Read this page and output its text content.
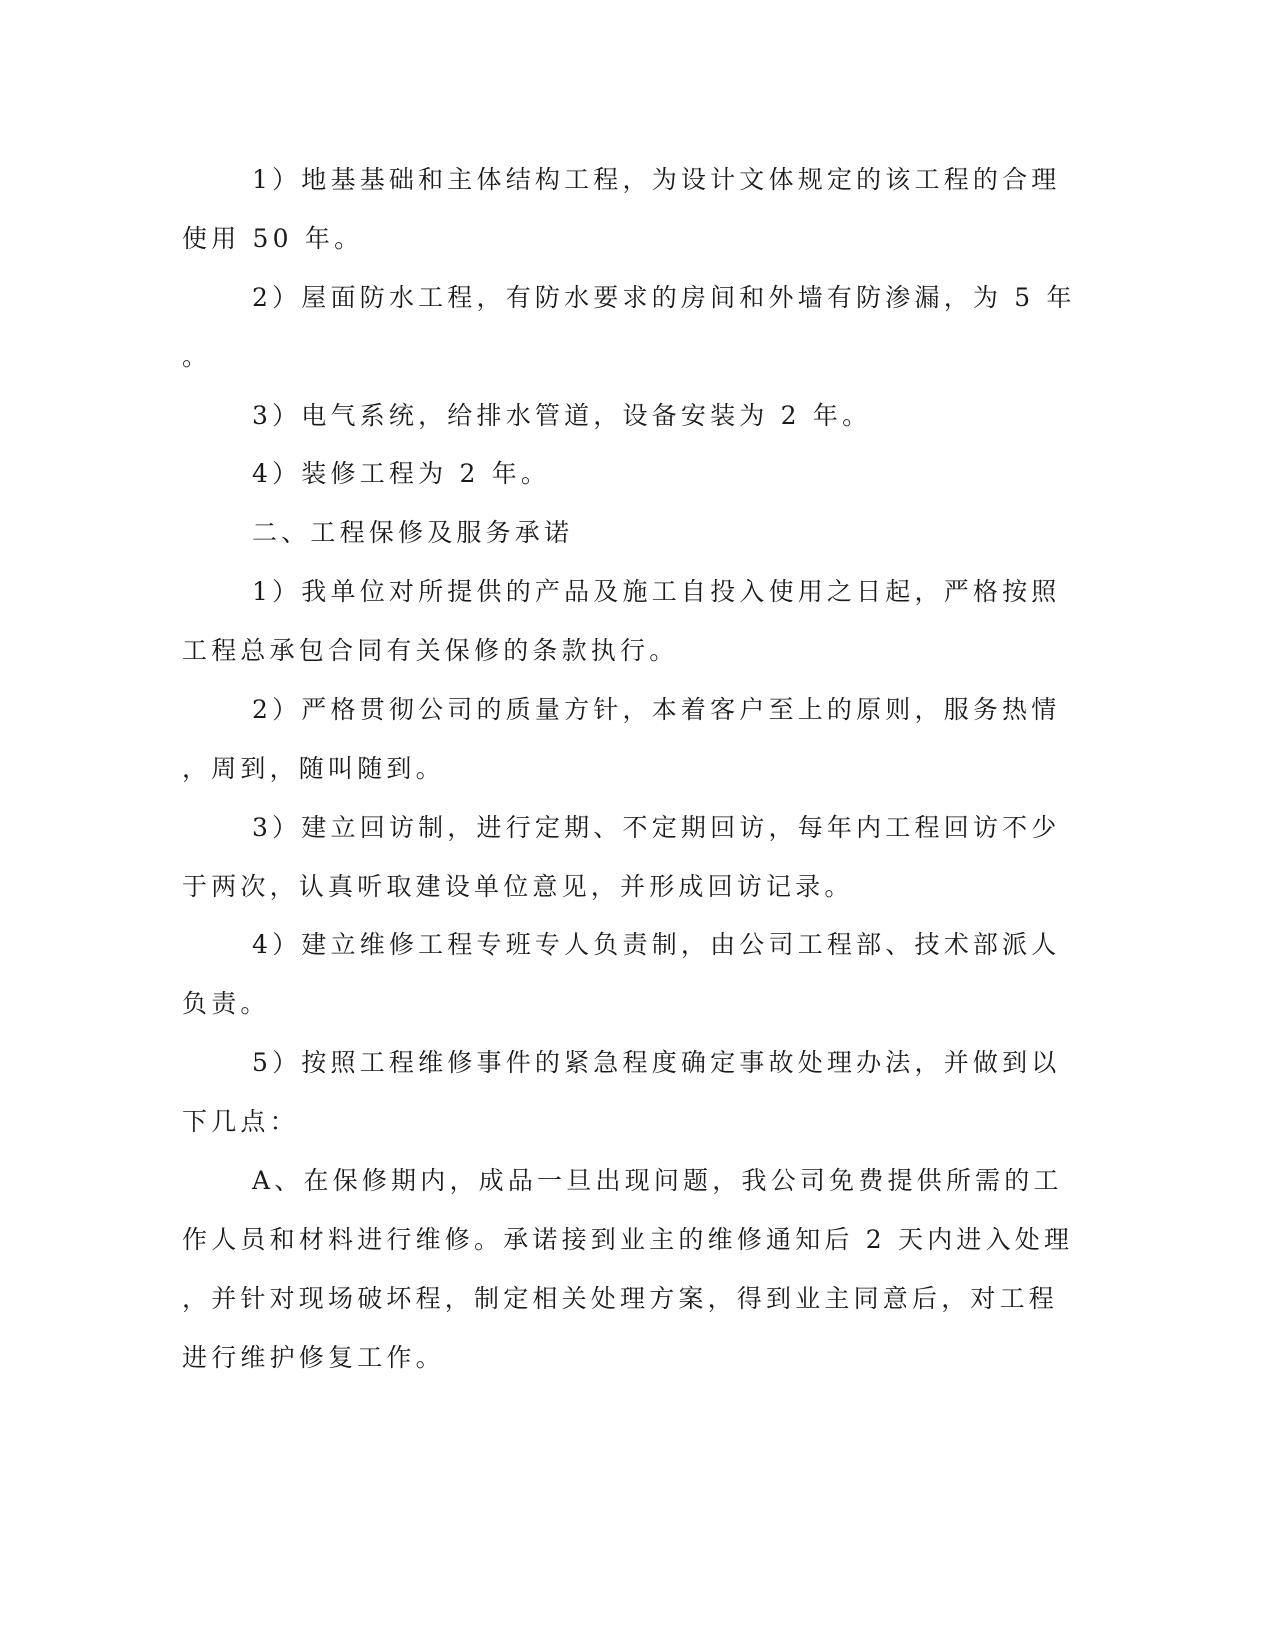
1）地基基础和主体结构工程，为设计文体规定的该工程的合理

使用 50 年。

2）屋面防水工程，有防水要求的房间和外墙有防渗漏，为 5 年

。

3）电气系统，给排水管道，设备安装为 2 年。

4）装修工程为 2 年。

二、工程保修及服务承诺

1）我单位对所提供的产品及施工自投入使用之日起，严格按照

工程总承包合同有关保修的条款执行。

2）严格贯彻公司的质量方针，本着客户至上的原则，服务热情

，周到，随叫随到。

3）建立回访制，进行定期、不定期回访，每年内工程回访不少

于两次，认真听取建设单位意见，并形成回访记录。

4）建立维修工程专班专人负责制，由公司工程部、技术部派人

负责。

5）按照工程维修事件的紧急程度确定事故处理办法，并做到以

下几点：

A、在保修期内，成品一旦出现问题，我公司免费提供所需的工

作人员和材料进行维修。承诺接到业主的维修通知后 2 天内进入处理

，并针对现场破坏程，制定相关处理方案，得到业主同意后，对工程

进行维护修复工作。
